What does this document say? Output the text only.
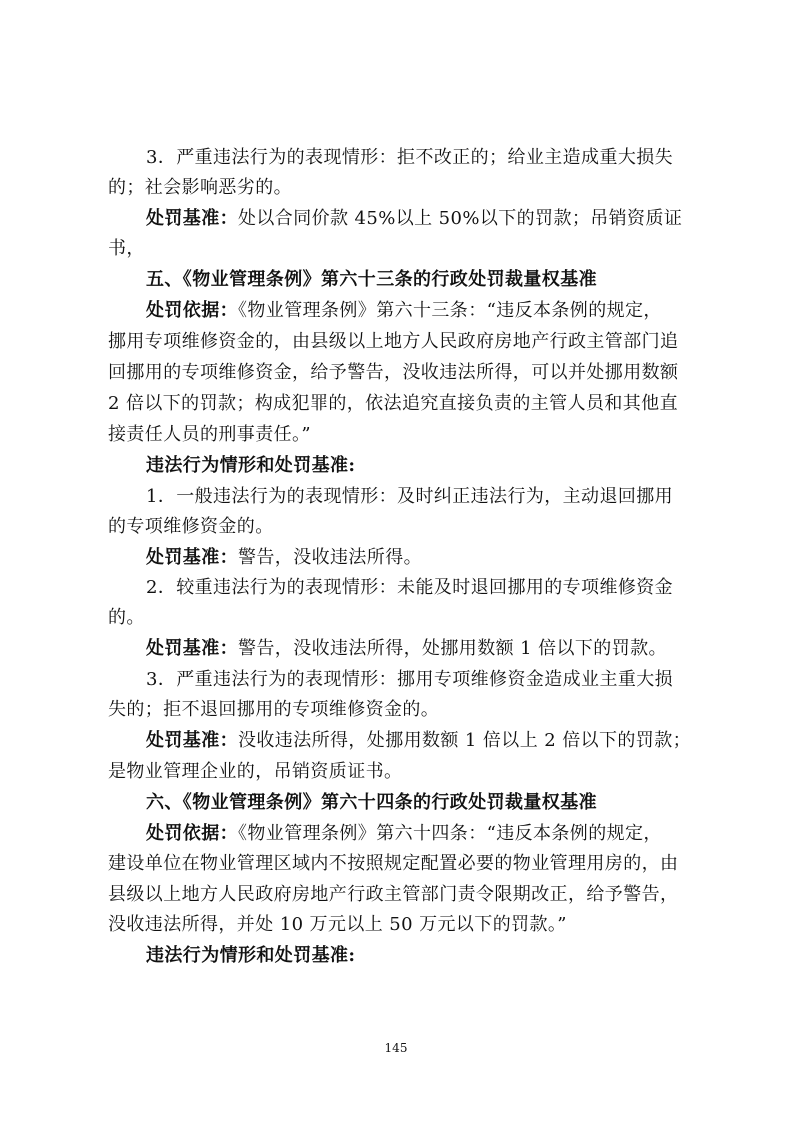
3．严重违法行为的表现情形：拒不改正的；给业主造成重大损失
的；社会影响恶劣的。
处罚基准：处以合同价款 45%以上 50%以下的罚款；吊销资质证
书，
五、《物业管理条例》第六十三条的行政处罚裁量权基准
处罚依据：《物业管理条例》第六十三条：“违反本条例的规定，
挪用专项维修资金的，由县级以上地方人民政府房地产行政主管部门追
回挪用的专项维修资金，给予警告，没收违法所得，可以并处挪用数额
2 倍以下的罚款；构成犯罪的，依法追究直接负责的主管人员和其他直
接责任人员的刑事责任。”
违法行为情形和处罚基准:
1．一般违法行为的表现情形：及时纠正违法行为，主动退回挪用
的专项维修资金的。
处罚基准：警告，没收违法所得。
2．较重违法行为的表现情形：未能及时退回挪用的专项维修资金
的。
处罚基准：警告，没收违法所得，处挪用数额 1 倍以下的罚款。
3．严重违法行为的表现情形：挪用专项维修资金造成业主重大损
失的；拒不退回挪用的专项维修资金的。
处罚基准：没收违法所得，处挪用数额 1 倍以上 2 倍以下的罚款；
是物业管理企业的，吊销资质证书。
六、《物业管理条例》第六十四条的行政处罚裁量权基准
处罚依据：《物业管理条例》第六十四条：“违反本条例的规定，
建设单位在物业管理区域内不按照规定配置必要的物业管理用房的，由
县级以上地方人民政府房地产行政主管部门责令限期改正，给予警告，
没收违法所得，并处 10 万元以上 50 万元以下的罚款。”
违法行为情形和处罚基准:
145
